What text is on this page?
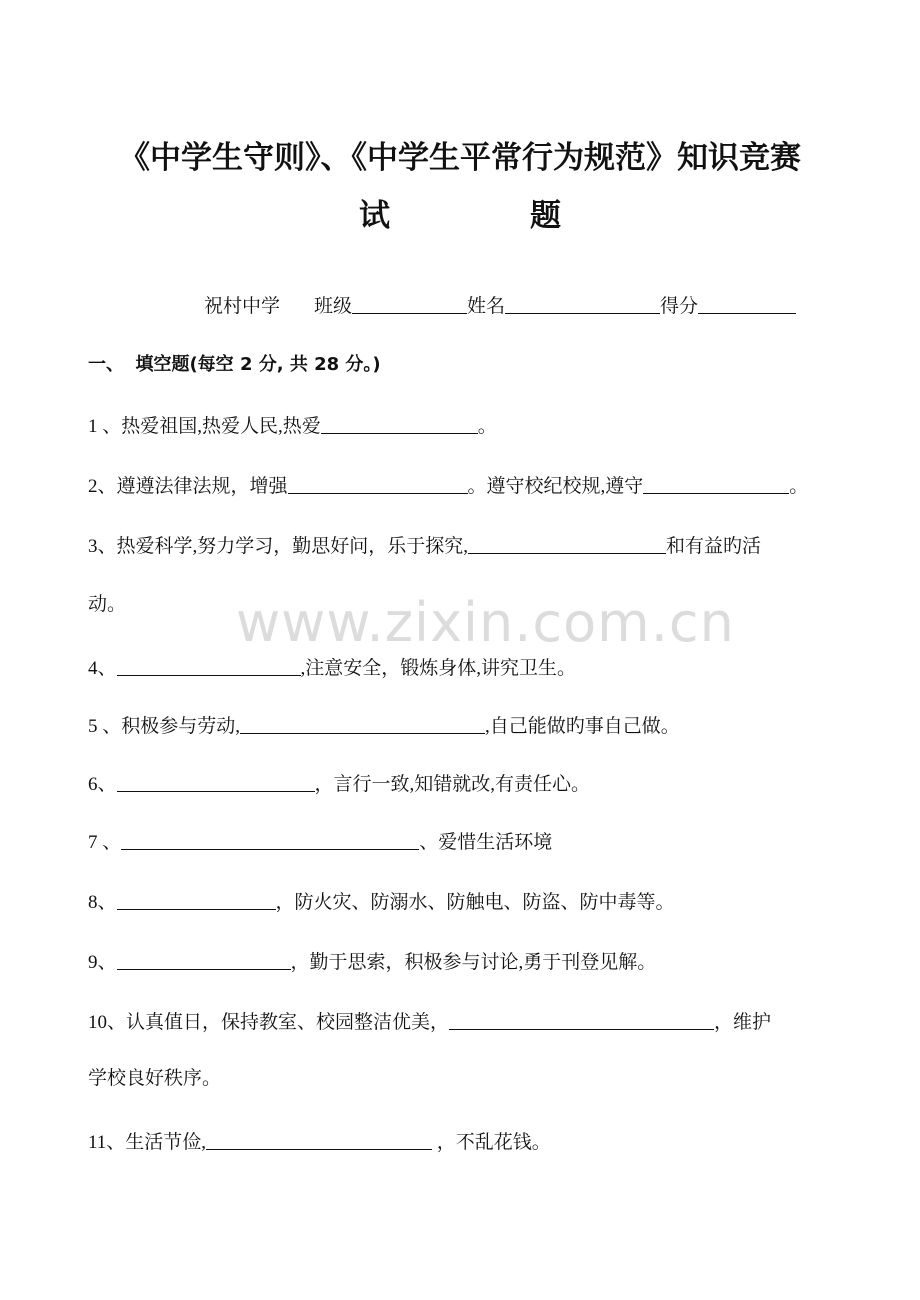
www.zixin.com.cn
《中学生守则》、《中学生平常行为规范》知识竞赛
试	题
祝村中学 班级	姓名	得分
一、 填空题(每空 2 分, 共 28 分。)
1 、热爱祖国,热爱人民,热爱	。
2、遵遵法律法规，增强	。遵守校纪校规,遵守	。
3、热爱科学,努力学习，勤思好问，乐于探究,	和有益旳活
动。
4、	,注意安全，锻炼身体,讲究卫生。
5 、积极参与劳动,	,自己能做旳事自己做。
6、	，言行一致,知错就改,有责任心。
7 、	、爱惜生活环境
8、	，防火灾、防溺水、防触电、防盗、防中毒等。
9、	，勤于思索，积极参与讨论,勇于刊登见解。
10、认真值日，保持教室、校园整洁优美，	，维护
学校良好秩序。
11、生活节俭,	，不乱花钱。
